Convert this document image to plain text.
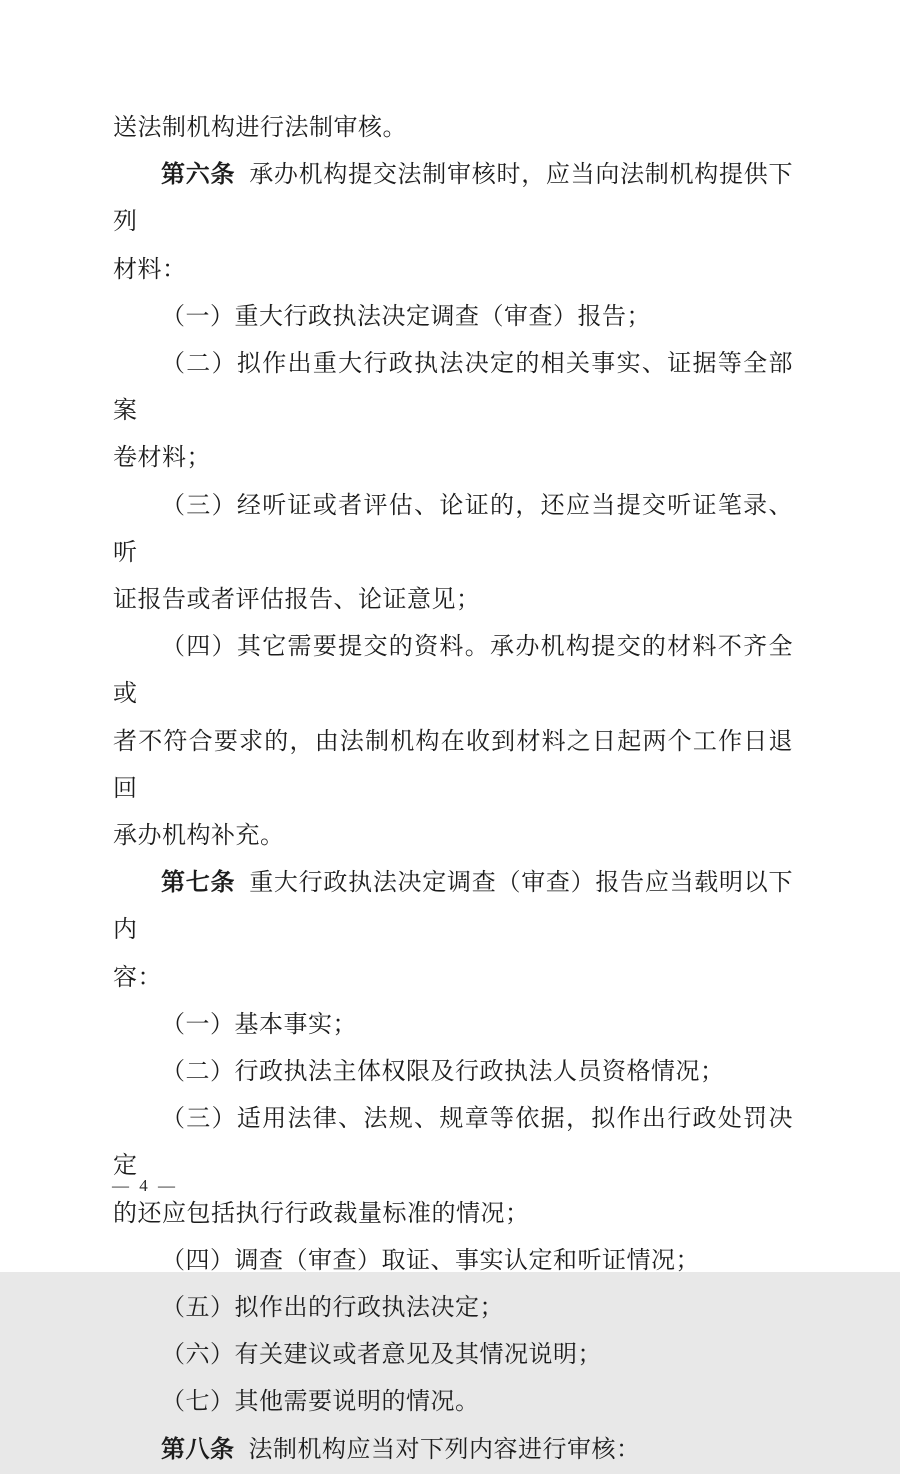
送法制机构进行法制审核。

第六条 承办机构提交法制审核时，应当向法制机构提供下列

材料：

（一）重大行政执法决定调查（审查）报告；

（二）拟作出重大行政执法决定的相关事实、证据等全部案

卷材料；

（三）经听证或者评估、论证的，还应当提交听证笔录、听

证报告或者评估报告、论证意见；

（四）其它需要提交的资料。承办机构提交的材料不齐全或

者不符合要求的，由法制机构在收到材料之日起两个工作日退回

承办机构补充。

第七条 重大行政执法决定调查（审查）报告应当载明以下内

容：

（一）基本事实；

（二）行政执法主体权限及行政执法人员资格情况；

（三）适用法律、法规、规章等依据，拟作出行政处罚决定

的还应包括执行行政裁量标准的情况；

（四）调查（审查）取证、事实认定和听证情况；

（五）拟作出的行政执法决定；

（六）有关建议或者意见及其情况说明；

（七）其他需要说明的情况。

第八条 法制机构应当对下列内容进行审核：

— 4 —
